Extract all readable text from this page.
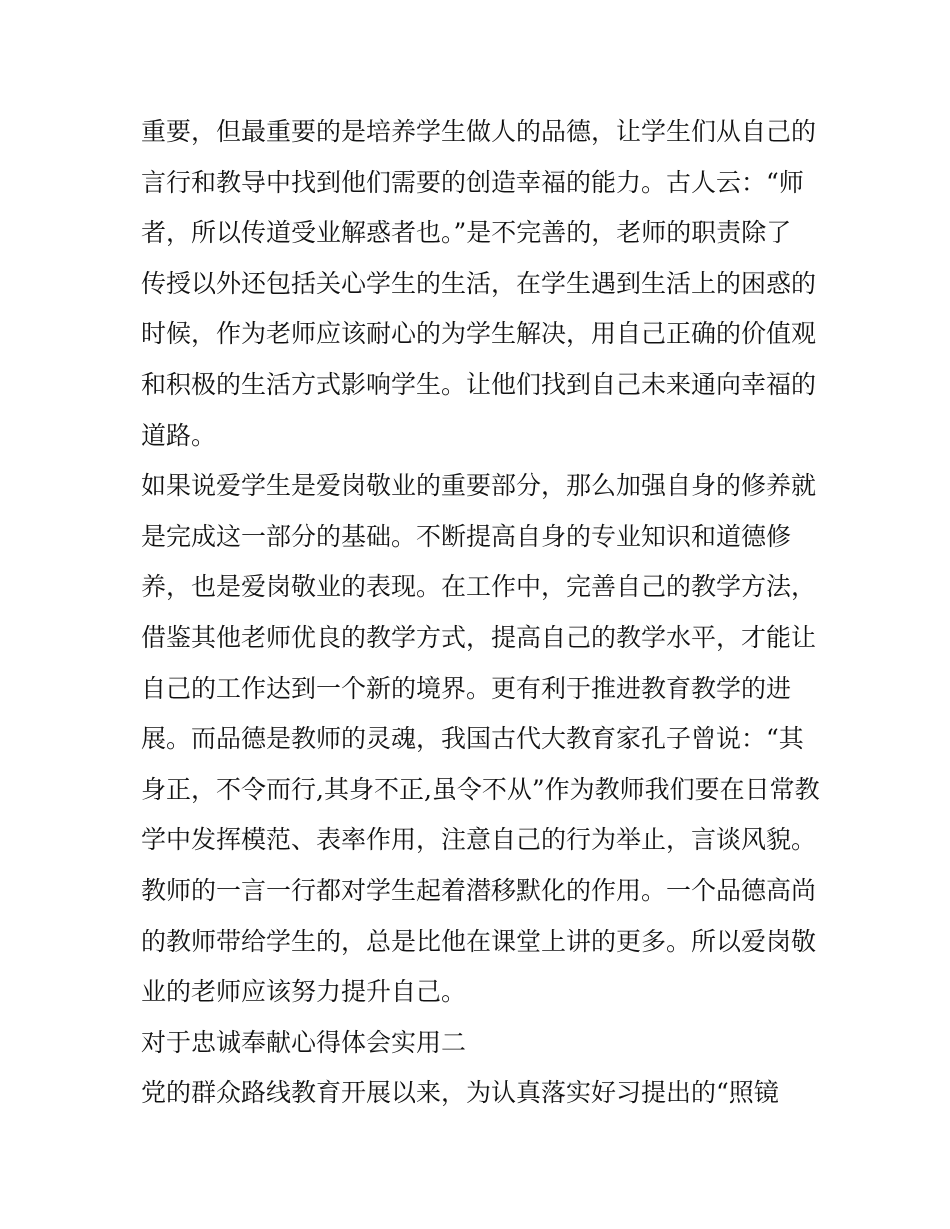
重要，但最重要的是培养学生做人的品德，让学生们从自己的
言行和教导中找到他们需要的创造幸福的能力。古人云：“师
者，所以传道受业解惑者也。”是不完善的，老师的职责除了
传授以外还包括关心学生的生活，在学生遇到生活上的困惑的
时候，作为老师应该耐心的为学生解决，用自己正确的价值观
和积极的生活方式影响学生。让他们找到自己未来通向幸福的
道路。
如果说爱学生是爱岗敬业的重要部分，那么加强自身的修养就
是完成这一部分的基础。不断提高自身的专业知识和道德修
养，也是爱岗敬业的表现。在工作中，完善自己的教学方法，
借鉴其他老师优良的教学方式，提高自己的教学水平，才能让
自己的工作达到一个新的境界。更有利于推进教育教学的进
展。而品德是教师的灵魂，我国古代大教育家孔子曾说：“其
身正，不令而行,其身不正,虽令不从”作为教师我们要在日常教
学中发挥模范、表率作用，注意自己的行为举止，言谈风貌。
教师的一言一行都对学生起着潜移默化的作用。一个品德高尚
的教师带给学生的，总是比他在课堂上讲的更多。所以爱岗敬
业的老师应该努力提升自己。
对于忠诚奉献心得体会实用二
党的群众路线教育开展以来，为认真落实好习提出的“照镜
